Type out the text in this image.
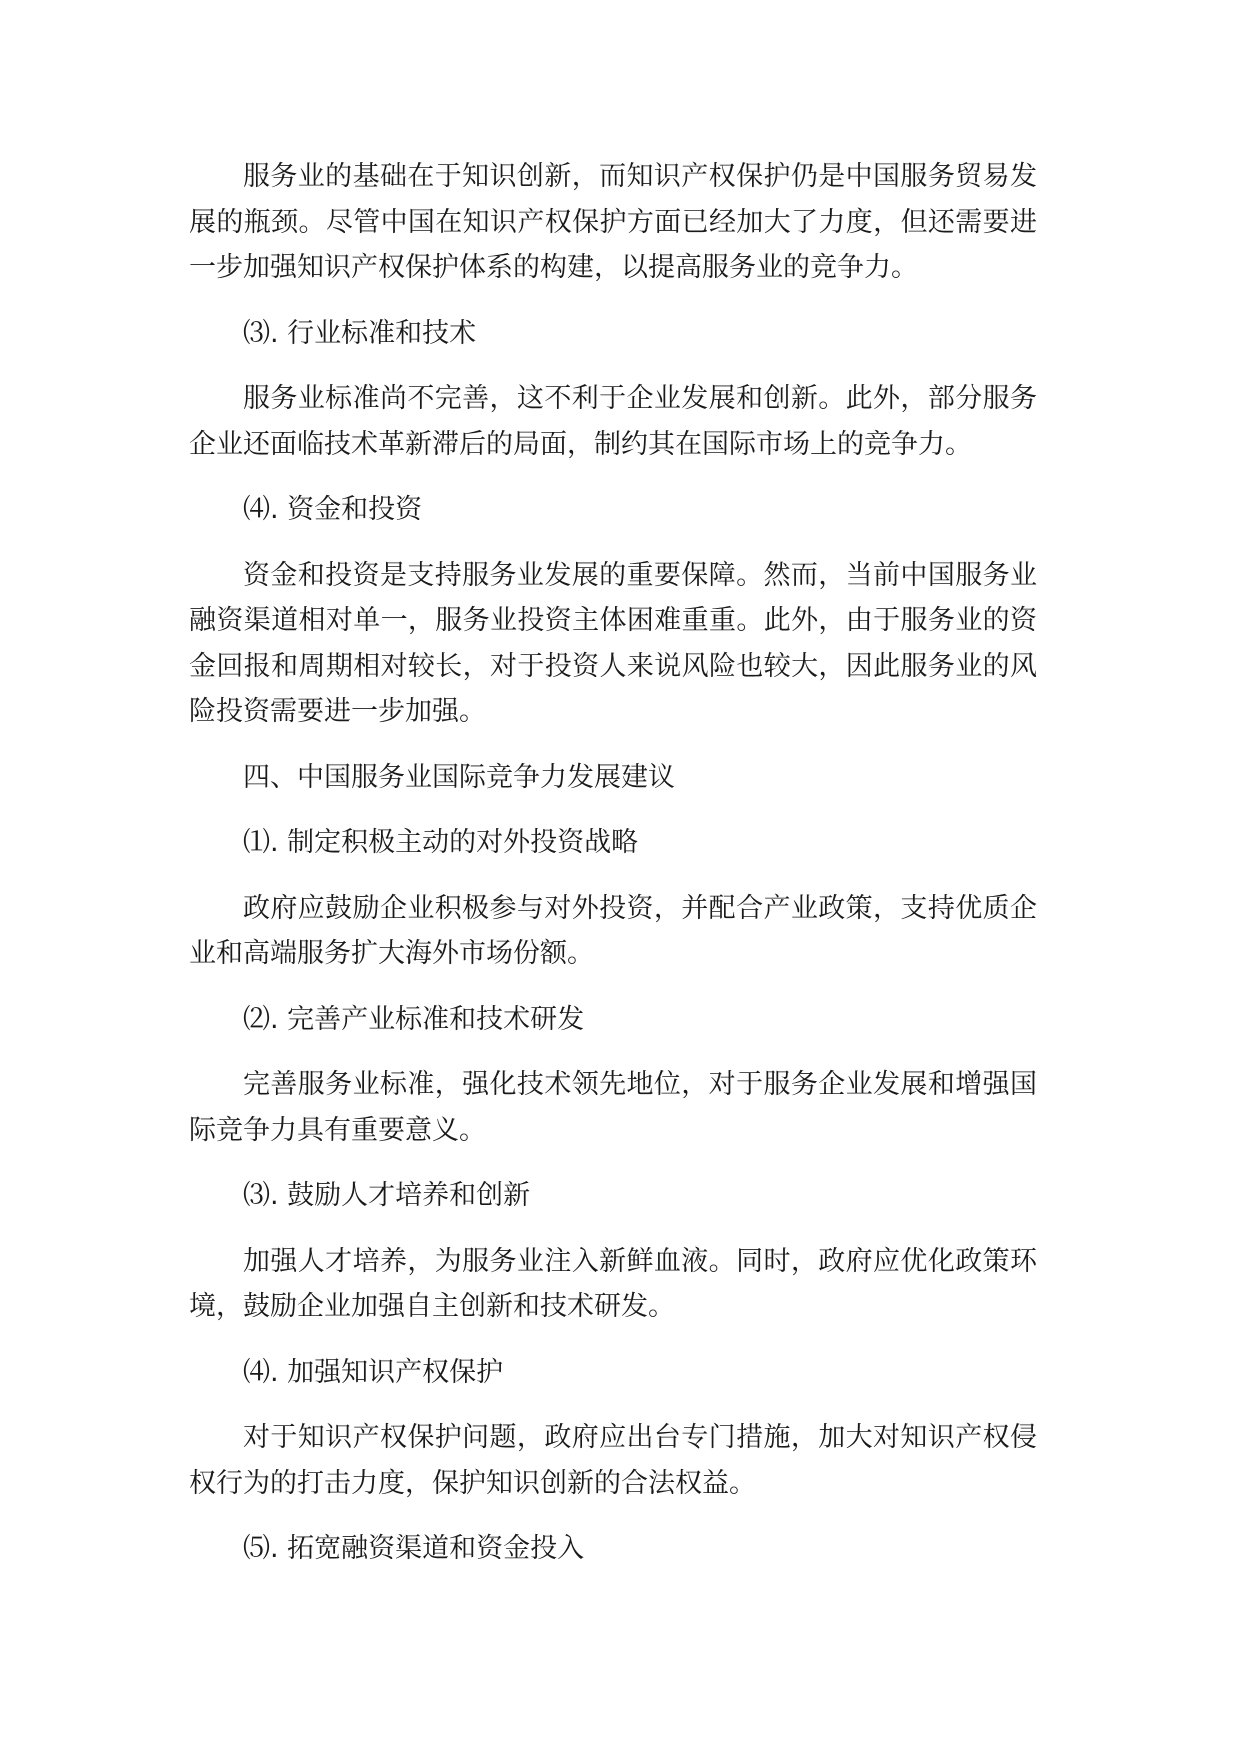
服务业的基础在于知识创新，而知识产权保护仍是中国服务贸易发展的瓶颈。尽管中国在知识产权保护方面已经加大了力度，但还需要进一步加强知识产权保护体系的构建，以提高服务业的竞争力。

⑶. 行业标准和技术

服务业标准尚不完善，这不利于企业发展和创新。此外，部分服务企业还面临技术革新滞后的局面，制约其在国际市场上的竞争力。

⑷. 资金和投资

资金和投资是支持服务业发展的重要保障。然而，当前中国服务业融资渠道相对单一，服务业投资主体困难重重。此外，由于服务业的资金回报和周期相对较长，对于投资人来说风险也较大，因此服务业的风险投资需要进一步加强。

四、中国服务业国际竞争力发展建议

⑴. 制定积极主动的对外投资战略

政府应鼓励企业积极参与对外投资，并配合产业政策，支持优质企业和高端服务扩大海外市场份额。

⑵. 完善产业标准和技术研发

完善服务业标准，强化技术领先地位，对于服务企业发展和增强国际竞争力具有重要意义。

⑶. 鼓励人才培养和创新

加强人才培养，为服务业注入新鲜血液。同时，政府应优化政策环境，鼓励企业加强自主创新和技术研发。

⑷. 加强知识产权保护

对于知识产权保护问题，政府应出台专门措施，加大对知识产权侵权行为的打击力度，保护知识创新的合法权益。

⑸. 拓宽融资渠道和资金投入
